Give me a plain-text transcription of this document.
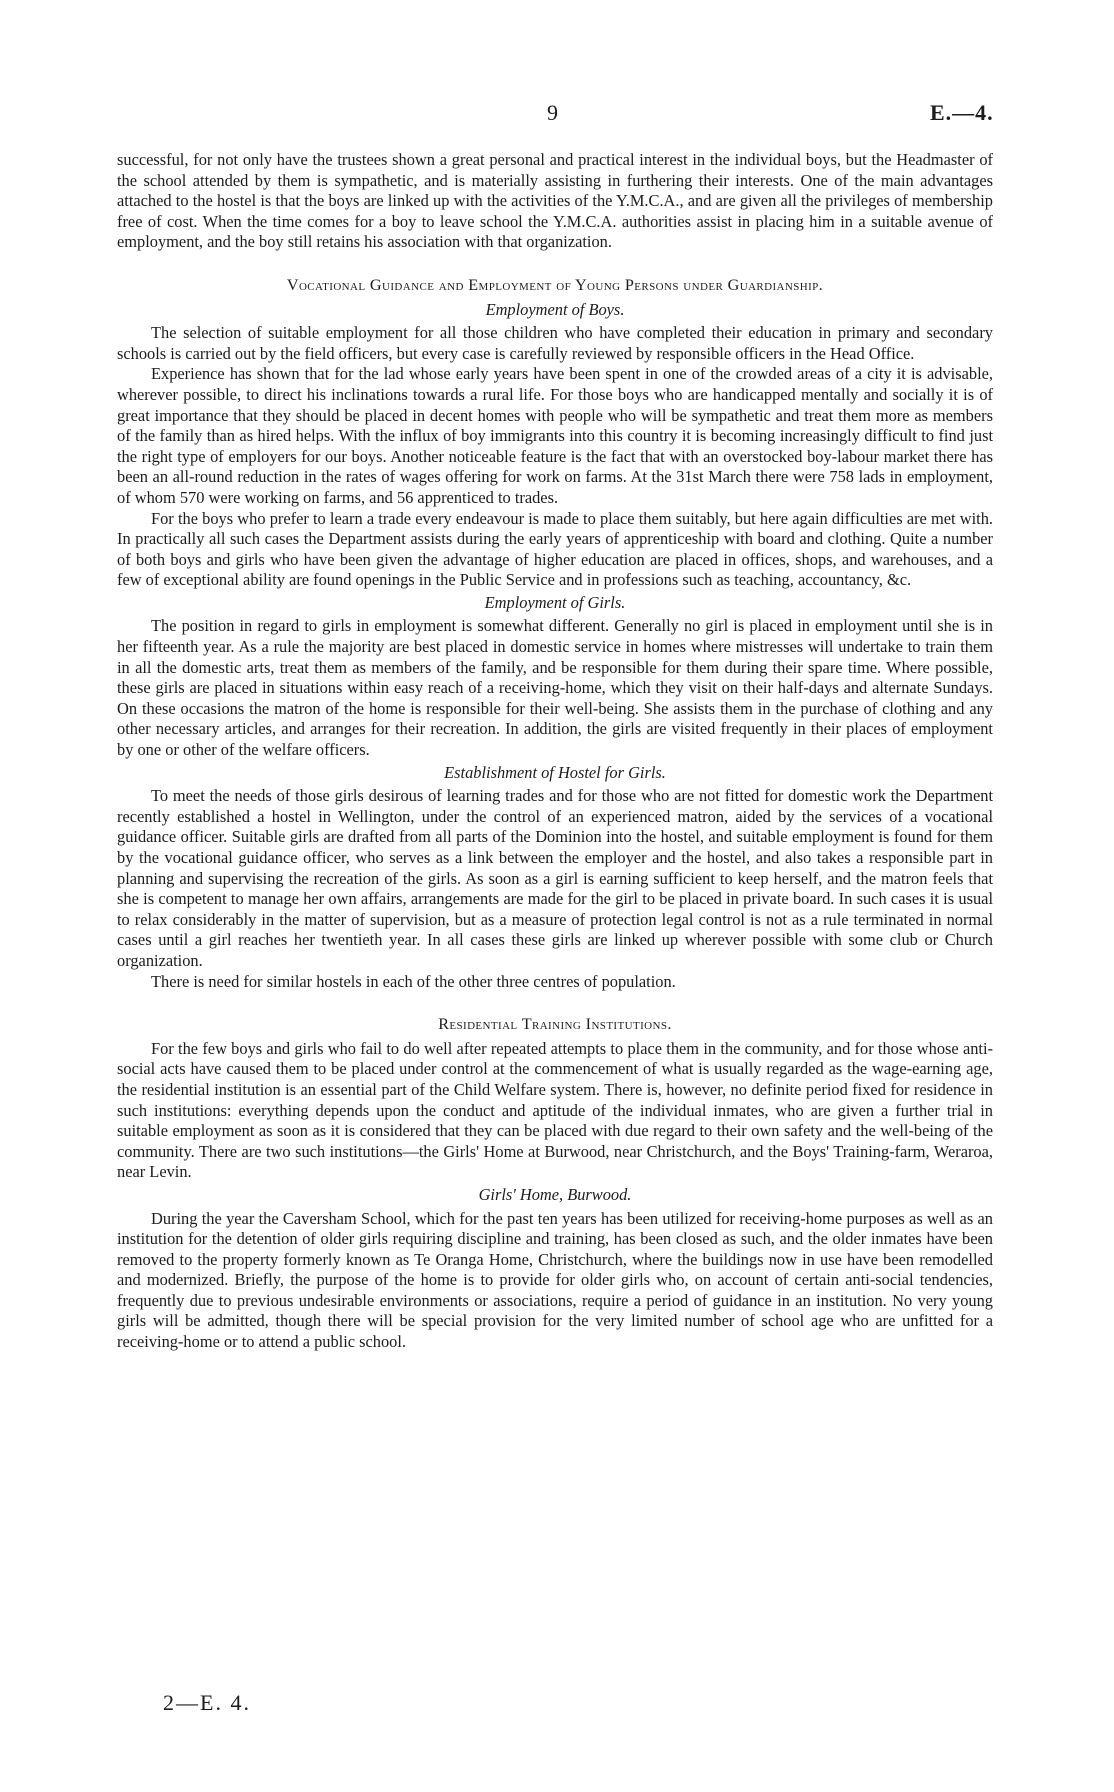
9	E.—4.

successful, for not only have the trustees shown a great personal and practical interest in the individual boys, but the Headmaster of the school attended by them is sympathetic, and is materially assisting in furthering their interests. One of the main advantages attached to the hostel is that the boys are linked up with the activities of the Y.M.C.A., and are given all the privileges of membership free of cost. When the time comes for a boy to leave school the Y.M.C.A. authorities assist in placing him in a suitable avenue of employment, and the boy still retains his association with that organization.

Vocational Guidance and Employment of Young Persons under Guardianship.
Employment of Boys.

The selection of suitable employment for all those children who have completed their education in primary and secondary schools is carried out by the field officers, but every case is carefully reviewed by responsible officers in the Head Office.

Experience has shown that for the lad whose early years have been spent in one of the crowded areas of a city it is advisable, wherever possible, to direct his inclinations towards a rural life. For those boys who are handicapped mentally and socially it is of great importance that they should be placed in decent homes with people who will be sympathetic and treat them more as members of the family than as hired helps. With the influx of boy immigrants into this country it is becoming increasingly difficult to find just the right type of employers for our boys. Another noticeable feature is the fact that with an overstocked boy-labour market there has been an all-round reduction in the rates of wages offering for work on farms. At the 31st March there were 758 lads in employment, of whom 570 were working on farms, and 56 apprenticed to trades.

For the boys who prefer to learn a trade every endeavour is made to place them suitably, but here again difficulties are met with. In practically all such cases the Department assists during the early years of apprenticeship with board and clothing. Quite a number of both boys and girls who have been given the advantage of higher education are placed in offices, shops, and warehouses, and a few of exceptional ability are found openings in the Public Service and in professions such as teaching, accountancy, &c.

Employment of Girls.

The position in regard to girls in employment is somewhat different. Generally no girl is placed in employment until she is in her fifteenth year. As a rule the majority are best placed in domestic service in homes where mistresses will undertake to train them in all the domestic arts, treat them as members of the family, and be responsible for them during their spare time. Where possible, these girls are placed in situations within easy reach of a receiving-home, which they visit on their half-days and alternate Sundays. On these occasions the matron of the home is responsible for their well-being. She assists them in the purchase of clothing and any other necessary articles, and arranges for their recreation. In addition, the girls are visited frequently in their places of employment by one or other of the welfare officers.

Establishment of Hostel for Girls.

To meet the needs of those girls desirous of learning trades and for those who are not fitted for domestic work the Department recently established a hostel in Wellington, under the control of an experienced matron, aided by the services of a vocational guidance officer. Suitable girls are drafted from all parts of the Dominion into the hostel, and suitable employment is found for them by the vocational guidance officer, who serves as a link between the employer and the hostel, and also takes a responsible part in planning and supervising the recreation of the girls. As soon as a girl is earning sufficient to keep herself, and the matron feels that she is competent to manage her own affairs, arrangements are made for the girl to be placed in private board. In such cases it is usual to relax considerably in the matter of supervision, but as a measure of protection legal control is not as a rule terminated in normal cases until a girl reaches her twentieth year. In all cases these girls are linked up wherever possible with some club or Church organization.

There is need for similar hostels in each of the other three centres of population.

Residential Training Institutions.

For the few boys and girls who fail to do well after repeated attempts to place them in the community, and for those whose anti-social acts have caused them to be placed under control at the commencement of what is usually regarded as the wage-earning age, the residential institution is an essential part of the Child Welfare system. There is, however, no definite period fixed for residence in such institutions: everything depends upon the conduct and aptitude of the individual inmates, who are given a further trial in suitable employment as soon as it is considered that they can be placed with due regard to their own safety and the well-being of the community. There are two such institutions—the Girls' Home at Burwood, near Christchurch, and the Boys' Training-farm, Weraroa, near Levin.

Girls' Home, Burwood.

During the year the Caversham School, which for the past ten years has been utilized for receiving-home purposes as well as an institution for the detention of older girls requiring discipline and training, has been closed as such, and the older inmates have been removed to the property formerly known as Te Oranga Home, Christchurch, where the buildings now in use have been remodelled and modernized. Briefly, the purpose of the home is to provide for older girls who, on account of certain anti-social tendencies, frequently due to previous undesirable environments or associations, require a period of guidance in an institution. No very young girls will be admitted, though there will be special provision for the very limited number of school age who are unfitted for a receiving-home or to attend a public school.

2—E. 4.
